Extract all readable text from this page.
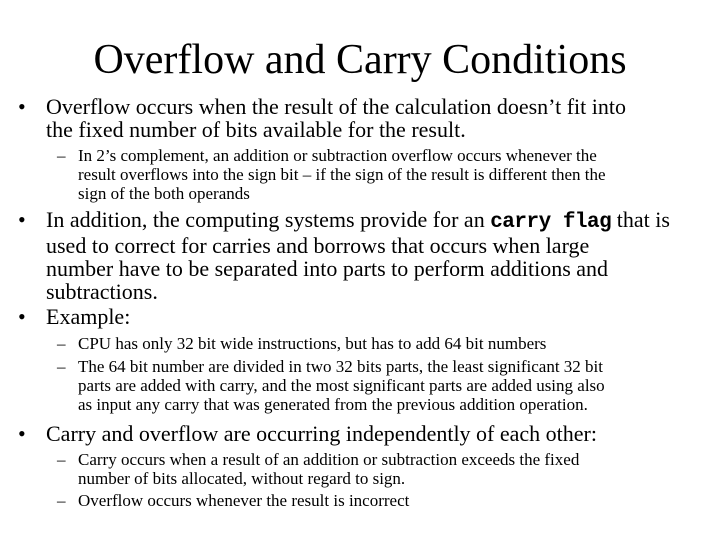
Overflow and Carry Conditions
• Overflow occurs when the result of the calculation doesn’t fit into
the fixed number of bits available for the result.
– In 2’s complement, an addition or subtraction overflow occurs whenever the
result overflows into the sign bit – if the sign of the result is different then the
sign of the both operands
• In addition, the computing systems provide for an carry flag that is
used to correct for carries and borrows that occurs when large
number have to be separated into parts to perform additions and
subtractions.
• Example:
– CPU has only 32 bit wide instructions, but has to add 64 bit numbers
– The 64 bit number are divided in two 32 bits parts, the least significant 32 bit
parts are added with carry, and the most significant parts are added using also
as input any carry that was generated from the previous addition operation.
• Carry and overflow are occurring independently of each other:
– Carry occurs when a result of an addition or subtraction exceeds the fixed
number of bits allocated, without regard to sign.
– Overflow occurs whenever the result is incorrect
